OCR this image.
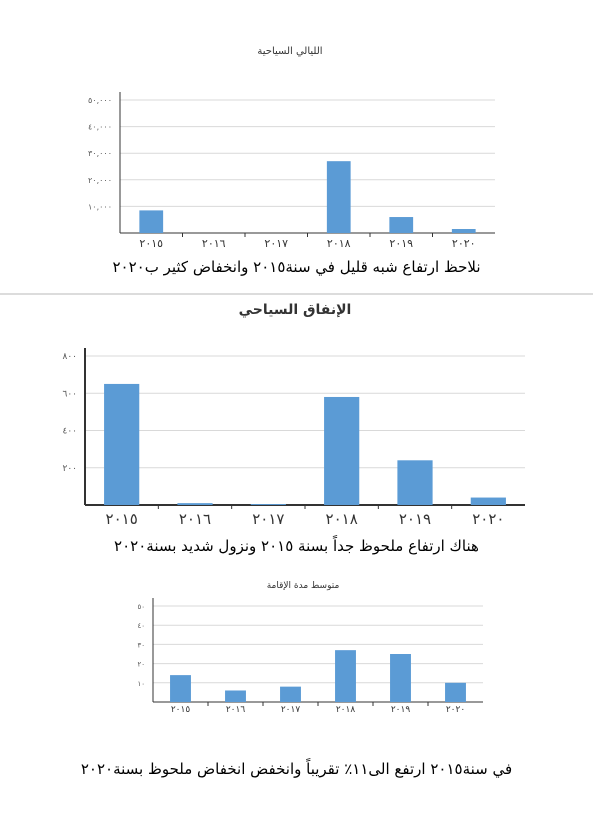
الليالي السياحية
١٠,٠٠٠
٢٠,٠٠٠
٣٠,٠٠٠
٤٠,٠٠٠
٥٠,٠٠٠
٢٠١٥	٢٠١٦	٢٠١٧	٢٠١٨	٢٠١٩	٢٠٢٠
نلاحظ ارتفاع شبه قليل في سنة٢٠١٥ وانخفاض كثير ب٢٠٢٠
الإنفاق السياحي
٢٠٠
٤٠٠
٦٠٠
٨٠٠
٢٠١٥	٢٠١٦	٢٠١٧	٢٠١٨	٢٠١٩	٢٠٢٠
هناك ارتفاع ملحوظ جداً بسنة ٢٠١٥ ونزول شديد بسنة٢٠٢٠
متوسط مدة الإقامة
١٠
٢٠
٣٠
٤٠
٥٠
٢٠١٥	٢٠١٦	٢٠١٧	٢٠١٨	٢٠١٩	٢٠٢٠
في سنة٢٠١٥ ارتفع الى١١٪ تقريباً وانخفض انخفاض ملحوظ بسنة٢٠٢٠
